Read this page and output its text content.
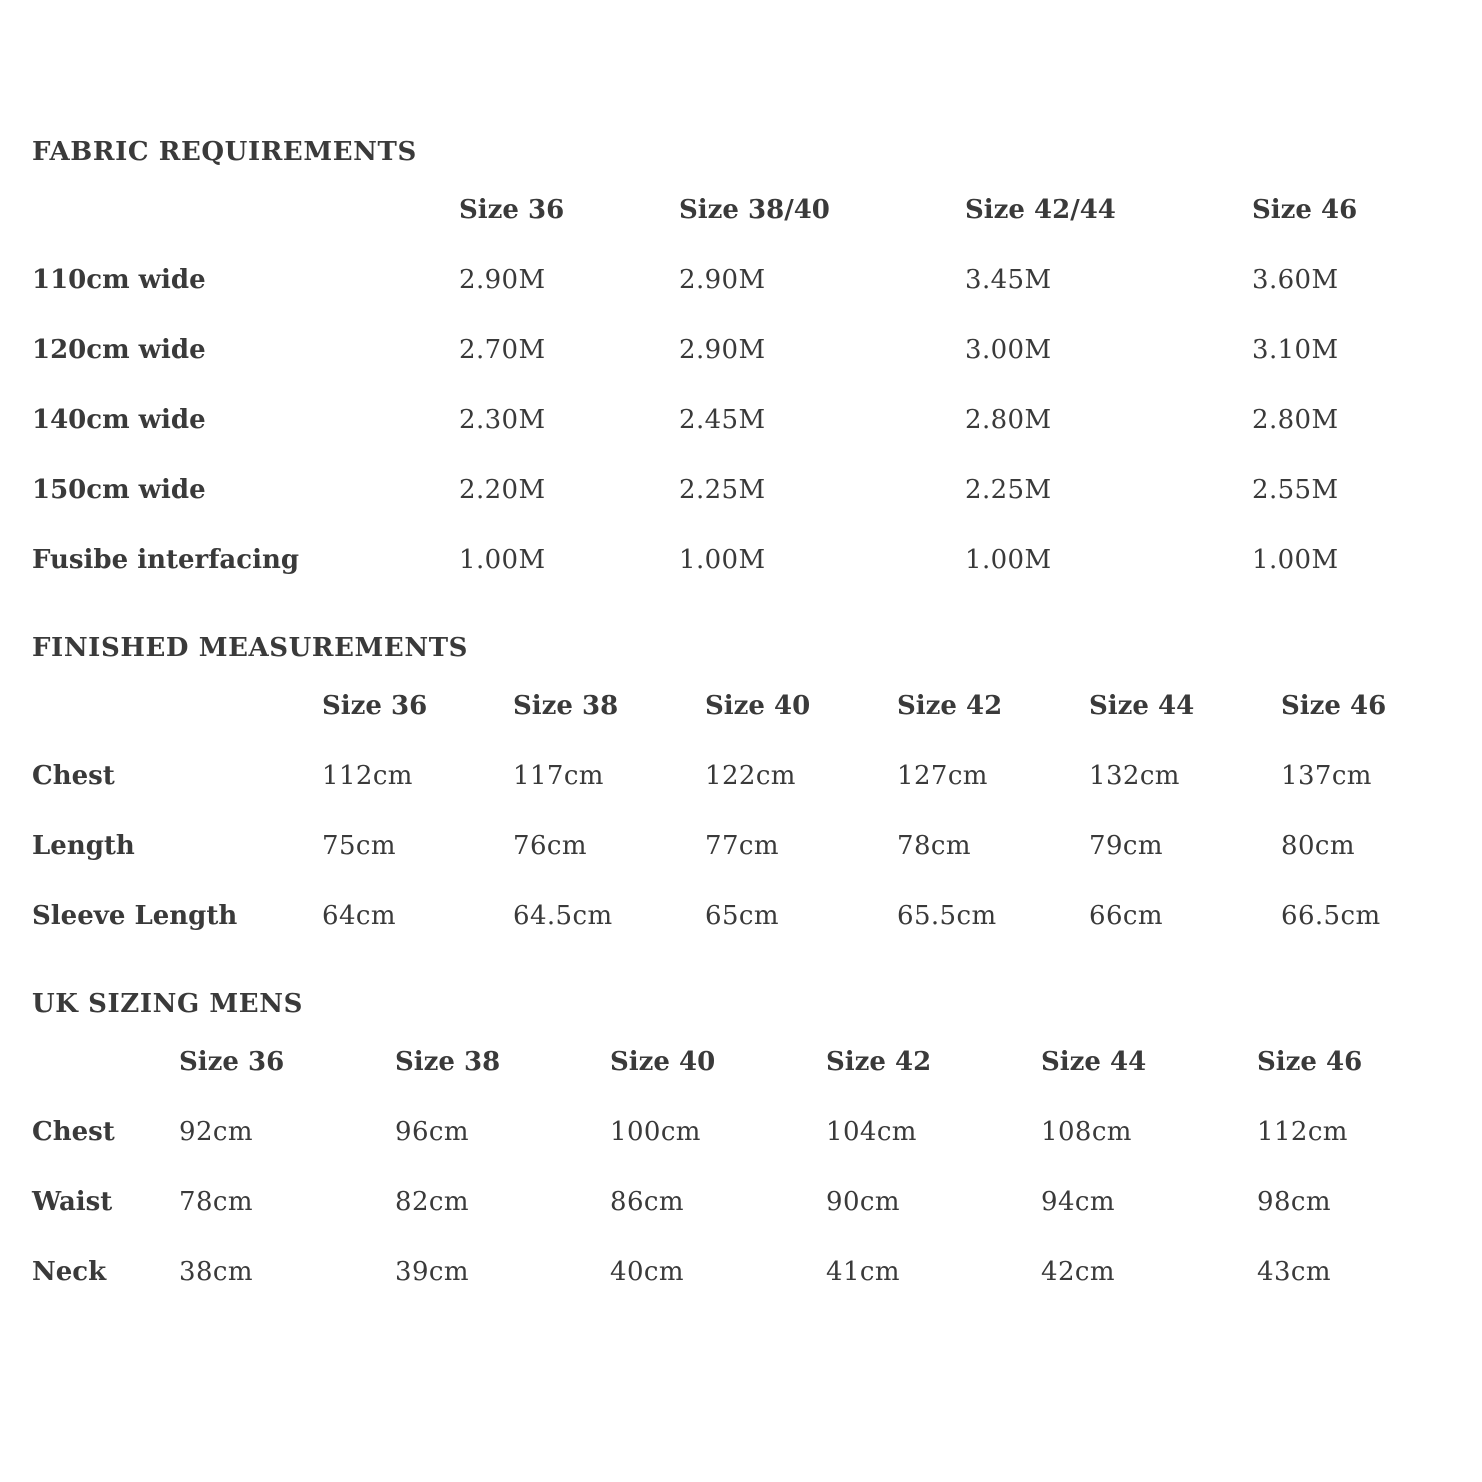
FABRIC REQUIREMENTS
Size 36	Size 38/40	Size 42/44	Size 46
110cm wide	2.90M	2.90M	3.45M	3.60M
120cm wide	2.70M	2.90M	3.00M	3.10M
140cm wide	2.30M	2.45M	2.80M	2.80M
150cm wide	2.20M	2.25M	2.25M	2.55M
Fusibe interfacing	1.00M	1.00M	1.00M	1.00M
FINISHED MEASUREMENTS
Size 36	Size 38	Size 40	Size 42	Size 44	Size 46
Chest	112cm	117cm	122cm	127cm	132cm	137cm
Length	75cm	76cm	77cm	78cm	79cm	80cm
Sleeve Length	64cm	64.5cm	65cm	65.5cm	66cm	66.5cm
UK SIZING MENS
Size 36	Size 38	Size 40	Size 42	Size 44	Size 46
Chest 92cm	96cm	100cm	104cm	108cm	112cm
Waist	78cm	82cm	86cm	90cm	94cm	98cm
Neck	38cm	39cm	40cm	41cm	42cm	43cm
